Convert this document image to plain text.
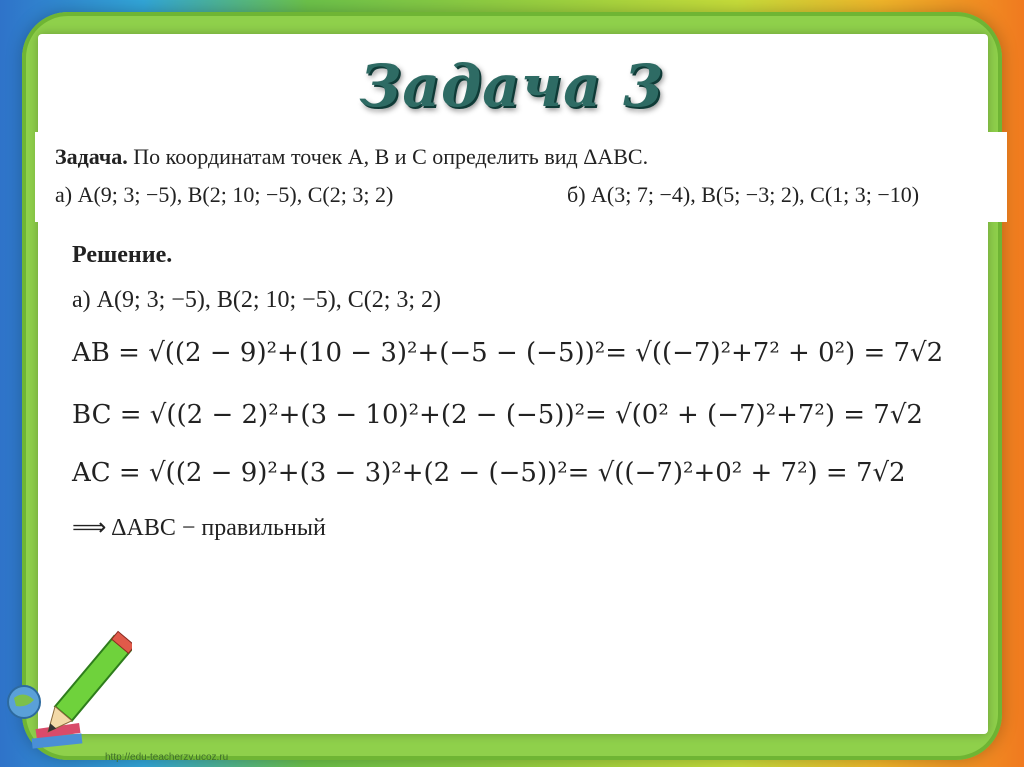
Задача 3
Задача. По координатам точек A, B и C определить вид ΔABC.
а) A(9; 3; −5), B(2; 10; −5), C(2; 3; 2)	б) A(3; 7; −4), B(5; −3; 2), C(1; 3; −10)
Решение.
а) A(9; 3; −5), B(2; 10; −5), C(2; 3; 2)
AB = √((2 − 9)²+(10 − 3)²+(−5 − (−5))²= √((−7)²+7² + 0²) = 7√2
BC = √((2 − 2)²+(3 − 10)²+(2 − (−5))²= √(0² + (−7)²+7²) = 7√2
AC = √((2 − 9)²+(3 − 3)²+(2 − (−5))²= √((−7)²+0² + 7²) = 7√2
⟹ ΔABC − правильный
http://edu-teacherzv.ucoz.ru
